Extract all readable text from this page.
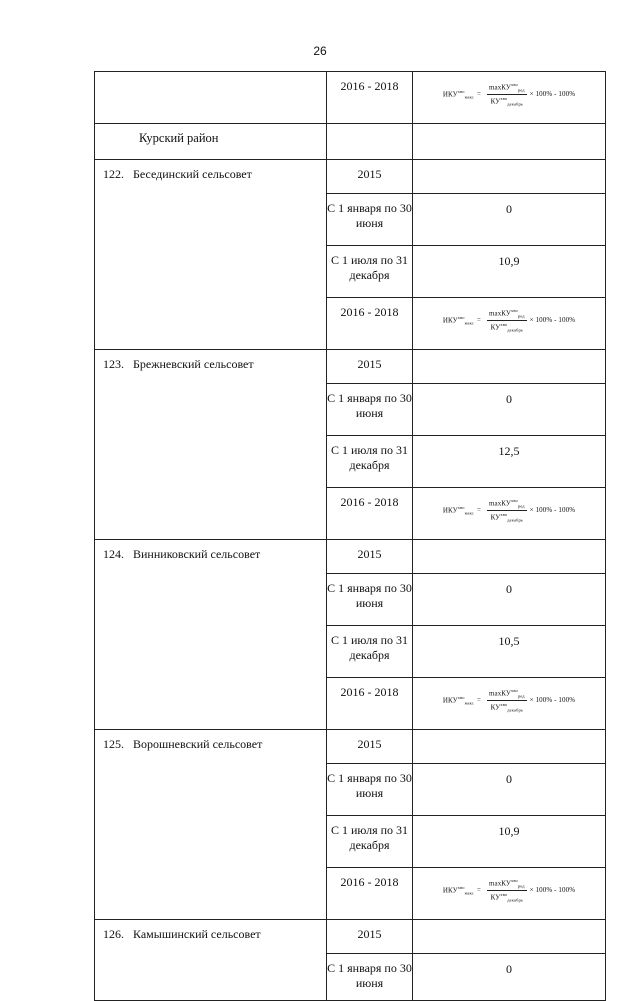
26
	2016 - 2018	$ИКУ^{хво}_{макс} = \frac{\max КУ^{хво}_{ред}}{КУ^{хво}_{декабрь}} \times 100\% - 100\%$

Курский район		

122. Бесединский сельсовет	2015	
	С 1 января по 30 июня	0

	С 1 июля по 31 декабря	10,9

	2016 - 2018	$ИКУ^{хво}_{макс} = \frac{\max КУ^{хво}_{ред}}{КУ^{хво}_{декабрь}} \times 100\% - 100\%$

123. Брежневский сельсовет	2015	
	С 1 января по 30 июня	0

	С 1 июля по 31 декабря	12,5

	2016 - 2018	$ИКУ^{хво}_{макс} = \frac{\max КУ^{хво}_{ред}}{КУ^{хво}_{декабрь}} \times 100\% - 100\%$

124. Винниковский сельсовет	2015	
	С 1 января по 30 июня	0

	С 1 июля по 31 декабря	10,5

	2016 - 2018	$ИКУ^{хво}_{макс} = \frac{\max КУ^{хво}_{ред}}{КУ^{хво}_{декабрь}} \times 100\% - 100\%$

125. Ворошневский сельсовет	2015	
	С 1 января по 30 июня	0

	С 1 июля по 31 декабря	10,9

	2016 - 2018	$ИКУ^{хво}_{макс} = \frac{\max КУ^{хво}_{ред}}{КУ^{хво}_{декабрь}} \times 100\% - 100\%$

126. Камышинский сельсовет	2015	
	С 1 января по 30 июня	0
